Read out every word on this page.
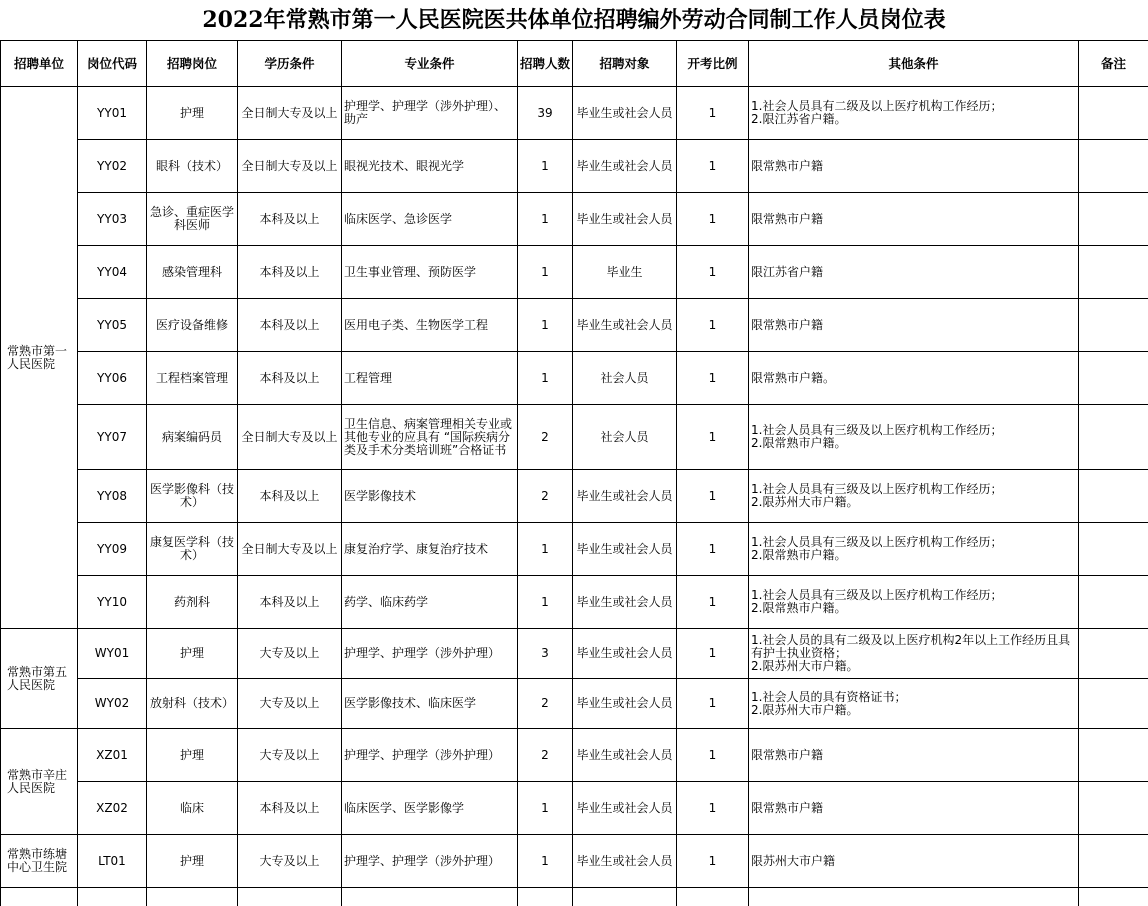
2022年常熟市第一人民医院医共体单位招聘编外劳动合同制工作人员岗位表
招聘单位	岗位代码	招聘岗位	学历条件	专业条件	招聘人数	招聘对象	开考比例	其他条件	备注
常熟市第一人民医院	YY01	护理	全日制大专及以上	护理学、护理学（涉外护理）、助产	39	毕业生或社会人员	1	1.社会人员具有二级及以上医疗机构工作经历；
2.限江苏省户籍。	
	YY02	眼科（技术）	全日制大专及以上	眼视光技术、眼视光学	1	毕业生或社会人员	1	限常熟市户籍	
	YY03	急诊、重症医学科医师	本科及以上	临床医学、急诊医学	1	毕业生或社会人员	1	限常熟市户籍	
	YY04	感染管理科	本科及以上	卫生事业管理、预防医学	1	毕业生	1	限江苏省户籍	
	YY05	医疗设备维修	本科及以上	医用电子类、生物医学工程	1	毕业生或社会人员	1	限常熟市户籍	
	YY06	工程档案管理	本科及以上	工程管理	1	社会人员	1	限常熟市户籍。	
	YY07	病案编码员	全日制大专及以上	卫生信息、病案管理相关专业或其他专业的应具有 “国际疾病分类及手术分类培训班”合格证书	2	社会人员	1	1.社会人员具有三级及以上医疗机构工作经历；
2.限常熟市户籍。	
	YY08	医学影像科（技术）	本科及以上	医学影像技术	2	毕业生或社会人员	1	1.社会人员具有三级及以上医疗机构工作经历；
2.限苏州大市户籍。	
	YY09	康复医学科（技术）	全日制大专及以上	康复治疗学、康复治疗技术	1	毕业生或社会人员	1	1.社会人员具有三级及以上医疗机构工作经历；
2.限常熟市户籍。	
	YY10	药剂科	本科及以上	药学、临床药学	1	毕业生或社会人员	1	1.社会人员具有三级及以上医疗机构工作经历；
2.限常熟市户籍。	
常熟市第五人民医院	WY01	护理	大专及以上	护理学、护理学（涉外护理）	3	毕业生或社会人员	1	1.社会人员的具有二级及以上医疗机构2年以上工作经历且具有护士执业资格；
2.限苏州大市户籍。	
	WY02	放射科（技术）	大专及以上	医学影像技术、临床医学	2	毕业生或社会人员	1	1.社会人员的具有资格证书；
2.限苏州大市户籍。	
常熟市辛庄人民医院	XZ01	护理	大专及以上	护理学、护理学（涉外护理）	2	毕业生或社会人员	1	限常熟市户籍	
	XZ02	临床	本科及以上	临床医学、医学影像学	1	毕业生或社会人员	1	限常熟市户籍	
常熟市练塘中心卫生院	LT01	护理	大专及以上	护理学、护理学（涉外护理）	1	毕业生或社会人员	1	限苏州大市户籍	
